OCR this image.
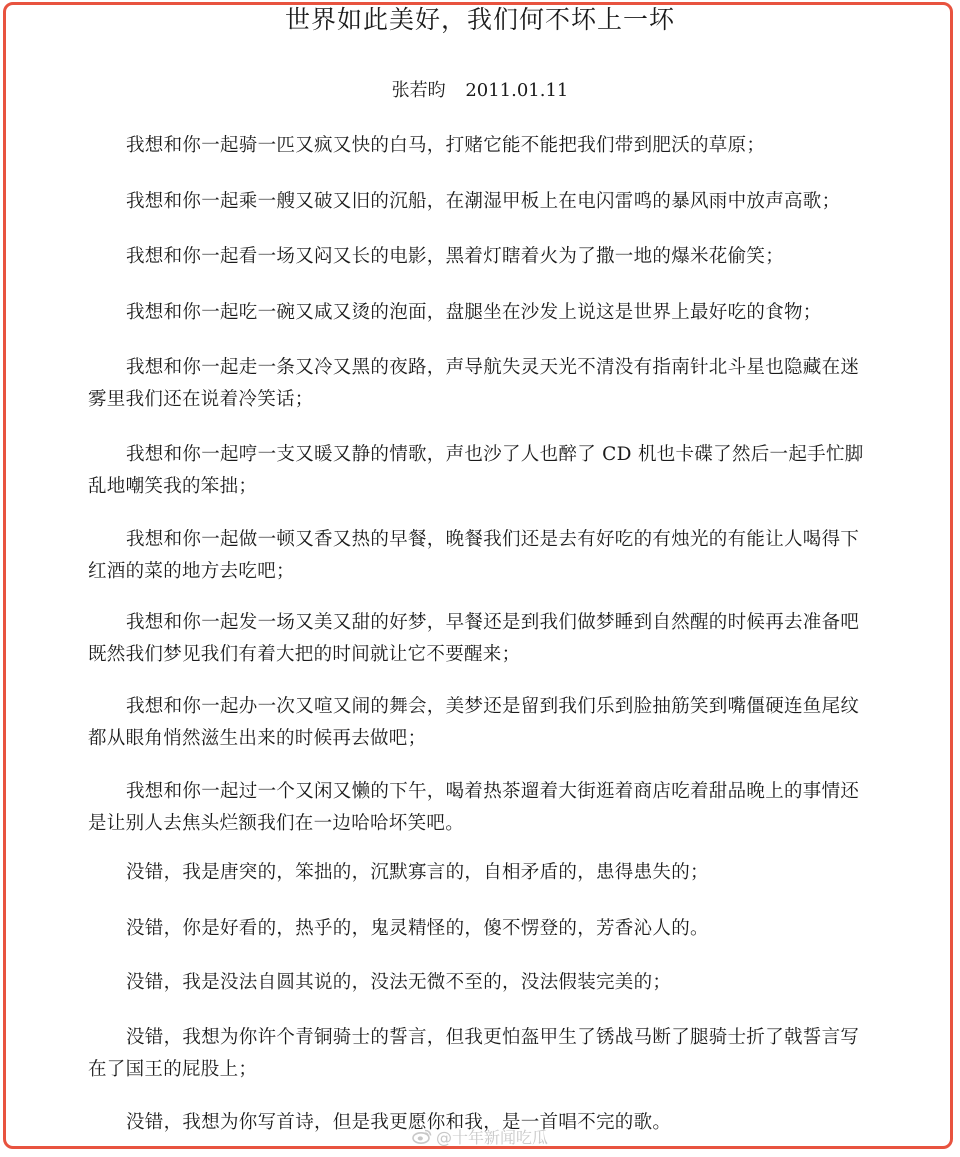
世界如此美好，我们何不坏上一坏
张若昀 2011.01.11

我想和你一起骑一匹又疯又快的白马，打赌它能不能把我们带到肥沃的草原；

我想和你一起乘一艘又破又旧的沉船，在潮湿甲板上在电闪雷鸣的暴风雨中放声高歌；

我想和你一起看一场又闷又长的电影，黑着灯瞎着火为了撒一地的爆米花偷笑；

我想和你一起吃一碗又咸又烫的泡面，盘腿坐在沙发上说这是世界上最好吃的食物；

我想和你一起走一条又冷又黑的夜路，声导航失灵天光不清没有指南针北斗星也隐藏在迷雾里我们还在说着冷笑话；

我想和你一起哼一支又暖又静的情歌，声也沙了人也醉了 CD 机也卡碟了然后一起手忙脚乱地嘲笑我的笨拙；

我想和你一起做一顿又香又热的早餐，晚餐我们还是去有好吃的有烛光的有能让人喝得下红酒的菜的地方去吃吧；

我想和你一起发一场又美又甜的好梦，早餐还是到我们做梦睡到自然醒的时候再去准备吧既然我们梦见我们有着大把的时间就让它不要醒来；

我想和你一起办一次又喧又闹的舞会，美梦还是留到我们乐到脸抽筋笑到嘴僵硬连鱼尾纹都从眼角悄然滋生出来的时候再去做吧；

我想和你一起过一个又闲又懒的下午，喝着热茶遛着大街逛着商店吃着甜品晚上的事情还是让别人去焦头烂额我们在一边哈哈坏笑吧。

没错，我是唐突的，笨拙的，沉默寡言的，自相矛盾的，患得患失的；

没错，你是好看的，热乎的，鬼灵精怪的，傻不愣登的，芳香沁人的。

没错，我是没法自圆其说的，没法无微不至的，没法假装完美的；

没错，我想为你许个青铜骑士的誓言，但我更怕盔甲生了锈战马断了腿骑士折了戟誓言写在了国王的屁股上；

没错，我想为你写首诗，但是我更愿你和我，是一首唱不完的歌。

@十年新闻吃瓜
